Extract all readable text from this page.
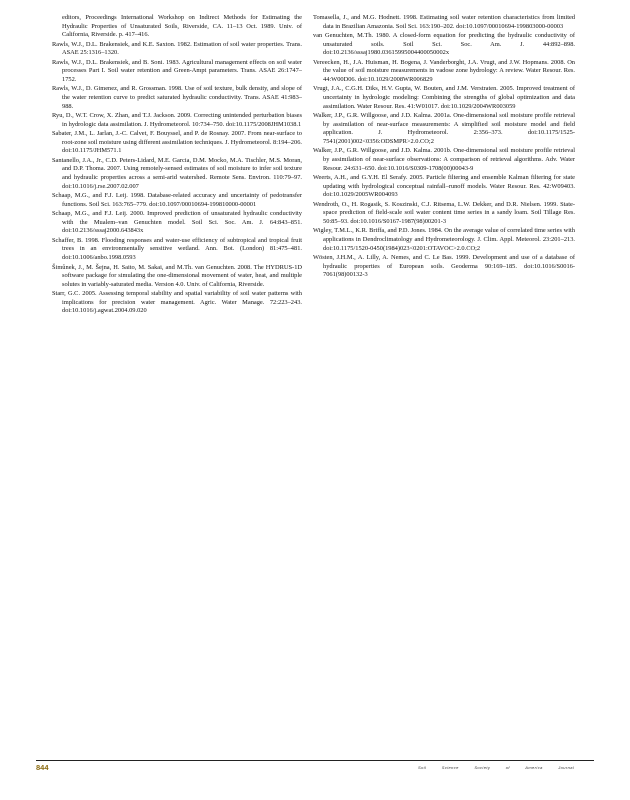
editors, Proceedings International Workshop on Indirect Methods for Estimating the Hydraulic Properties of Unsaturated Soils, Riverside, CA. 11–13 Oct. 1989. Univ. of California, Riverside. p. 417–416.

Rawls, W.J., D.L. Brakensiek, and K.E. Saxton. 1982. Estimation of soil water properties. Trans. ASAE 25:1316–1320.

Rawls, W.J., D.L. Brakensiek, and B. Soni. 1983. Agricultural management effects on soil water processes Part I. Soil water retention and Green-Ampt parameters. Trans. ASAE 26:1747–1752.

Rawls, W.J., D. Gimenez, and R. Grossman. 1998. Use of soil texture, bulk density, and slope of the water retention curve to predict saturated hydraulic conductivity. Trans. ASAE 41:983–988.

Ryu, D., W.T. Crow, X. Zhan, and T.J. Jackson. 2009. Correcting unintended perturbation biases in hydrologic data assimilation. J. Hydrometeorol. 10:734–750. doi:10.1175/2008JHM1038.1

Sabater, J.M., L. Jarlan, J.-C. Calvet, F. Bouyssel, and P. de Rosnay. 2007. From near-surface to root-zone soil moisture using different assimilation techniques. J. Hydrometeorol. 8:194–206. doi:10.1175/JHM571.1

Santanello, J.A., Jr., C.D. Peters-Lidard, M.E. Garcia, D.M. Mocko, M.A. Tischler, M.S. Moran, and D.P. Thoma. 2007. Using remotely-sensed estimates of soil moisture to infer soil texture and hydraulic properties across a semi-arid watershed. Remote Sens. Environ. 110:79–97. doi:10.1016/j.rse.2007.02.007

Schaap, M.G., and F.J. Leij. 1998. Database-related accuracy and uncertainty of pedotransfer functions. Soil Sci. 163:765–779. doi:10.1097/00010694-199810000-00001

Schaap, M.G., and F.J. Leij. 2000. Improved prediction of unsaturated hydraulic conductivity with the Mualem–van Genuchten model. Soil Sci. Soc. Am. J. 64:843–851. doi:10.2136/sssaj2000.643843x

Schaffer, B. 1998. Flooding responses and water-use efficiency of subtropical and tropical fruit trees in an environmentally sensitive wetland. Ann. Bot. (London) 81:475–481. doi:10.1006/anbo.1998.0593

Šimůnek, J., M. Šejna, H. Saito, M. Sakai, and M.Th. van Genuchten. 2008. The HYDRUS-1D software package for simulating the one-dimensional movement of water, heat, and multiple solutes in variably-saturated media. Version 4.0. Univ. of California, Riverside.

Starr, G.C. 2005. Assessing temporal stability and spatial variability of soil water patterns with implications for precision water management. Agric. Water Manage. 72:223–243. doi:10.1016/j.agwat.2004.09.020

Tomasella, J., and M.G. Hodnett. 1998. Estimating soil water retention characteristics from limited data in Brazilian Amazonia. Soil Sci. 163:190–202. doi:10.1097/00010694-199803000-00003

van Genuchten, M.Th. 1980. A closed-form equation for predicting the hydraulic conductivity of unsaturated soils. Soil Sci. Soc. Am. J. 44:892–898. doi:10.2136/sssaj1980.03615995004400050002x

Vereecken, H., J.A. Huisman, H. Bogena, J. Vanderborght, J.A. Vrugt, and J.W. Hopmans. 2008. On the value of soil moisture measurements in vadose zone hydrology: A review. Water Resour. Res. 44:W00D06. doi:10.1029/2008WR006829

Vrugt, J.A., C.G.H. Diks, H.V. Gupta, W. Bouten, and J.M. Verstraten. 2005. Improved treatment of uncertainty in hydrologic modeling: Combining the strengths of global optimization and data assimilation. Water Resour. Res. 41:W01017. doi:10.1029/2004WR003059

Walker, J.P., G.R. Willgoose, and J.D. Kalma. 2001a. One-dimensional soil moisture profile retrieval by assimilation of near-surface measurements: A simplified soil moisture model and field application. J. Hydrometeorol. 2:356–373. doi:10.1175/1525-7541(2001)002<0356:ODSMPR>2.0.CO;2

Walker, J.P., G.R. Willgoose, and J.D. Kalma. 2001b. One-dimensional soil moisture profile retrieval by assimilation of near-surface observations: A comparison of retrieval algorithms. Adv. Water Resour. 24:631–650. doi:10.1016/S0309-1708(00)00043-9

Weerts, A.H., and G.Y.H. El Serafy. 2005. Particle filtering and ensemble Kalman filtering for state updating with hydrological conceptual rainfall–runoff models. Water Resour. Res. 42:W09403. doi:10.1029/2005WR004093

Wendroth, O., H. Rogasik, S. Koszinski, C.J. Ritsema, L.W. Dekker, and D.R. Nielsen. 1999. State-space prediction of field-scale soil water content time series in a sandy loam. Soil Tillage Res. 50:85–93. doi:10.1016/S0167-1987(98)00201-3

Wigley, T.M.L., K.R. Briffa, and P.D. Jones. 1984. On the average value of correlated time series with applications in Dendroclimatology and Hydrometeorology. J. Clim. Appl. Meteorol. 23:201–213. doi:10.1175/1520-0450(1984)023<0201:OTAVOC>2.0.CO;2

Wösten, J.H.M., A. Lilly, A. Nemes, and C. Le Bas. 1999. Development and use of a database of hydraulic properties of European soils. Geoderma 90:169–185. doi:10.1016/S0016-7061(98)00132-3

844	Soil Science Society of America Journal
